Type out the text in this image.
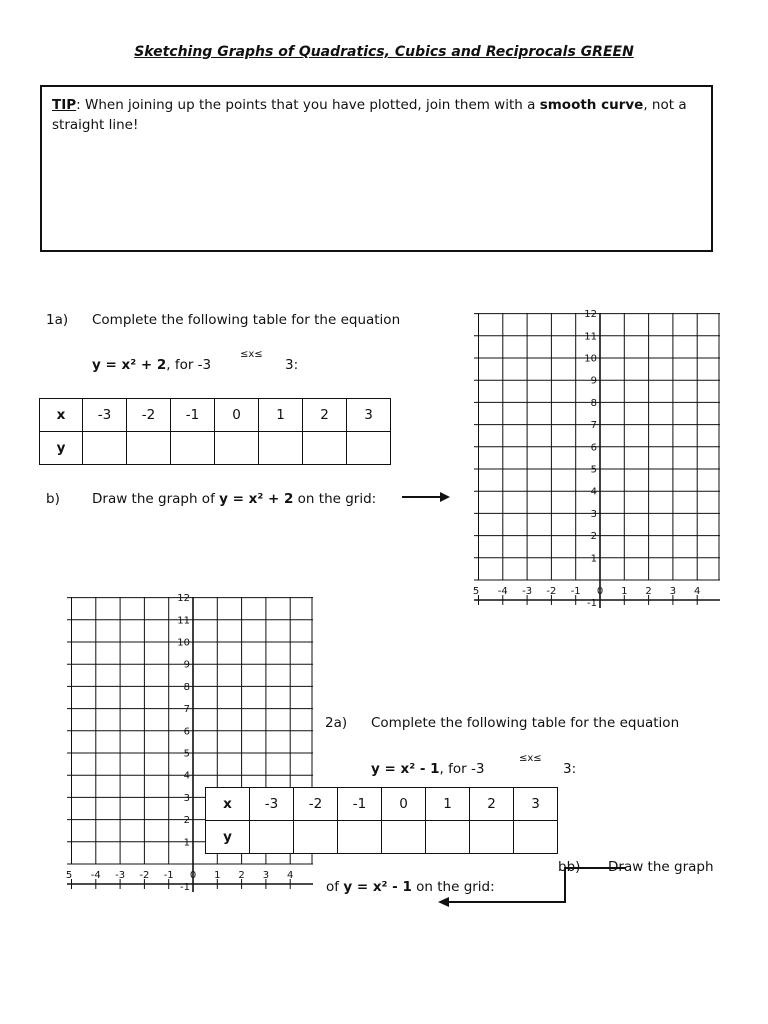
Sketching Graphs of Quadratics, Cubics and Reciprocals GREEN
TIP: When joining up the points that you have plotted, join them with a smooth curve, not a straight line!
1a) Complete the following table for the equation
y = x² + 2, for -3
≤x≤
3:
x	-3	-2	-1	0	1	2	3
y							
b) Draw the graph of y = x² + 2 on the grid:
12
11
10
9
8
7
6
5
4
3
2
1
-1
5 -4 -3 -2 -1 0 1 2 3 4
12
11
10
9
8
7
6
5
4
3
2
1
-1
5 -4 -3 -2 -1 0 1 2 3 4
2a) Complete the following table for the equation
y = x² - 1, for -3
≤x≤
3:
x	-3	-2	-1	0	1	2	3
y							
bb) Draw the graph
of y = x² - 1 on the grid:
